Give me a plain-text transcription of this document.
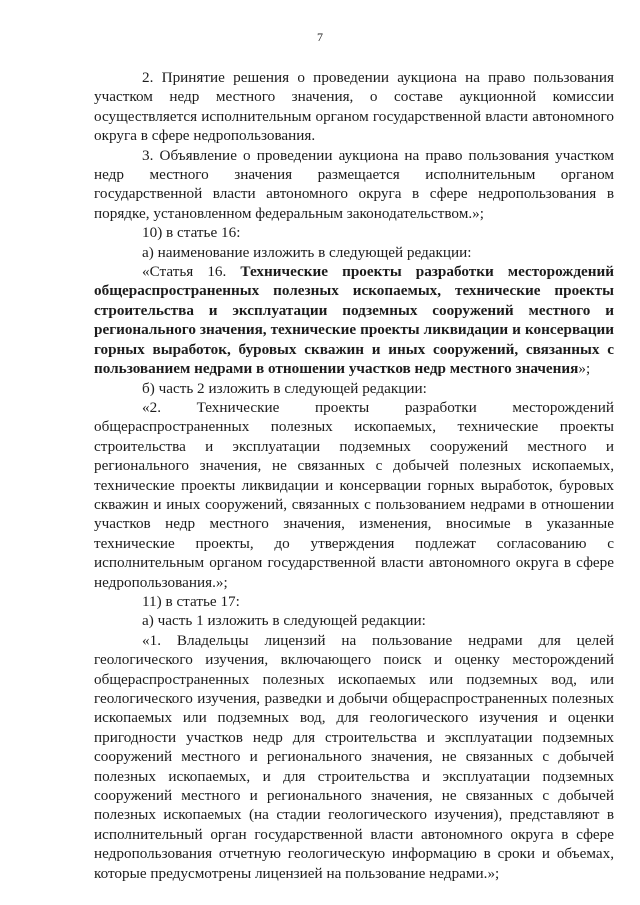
7

2. Принятие решения о проведении аукциона на право пользования участком недр местного значения, о составе аукционной комиссии осуществляется исполнительным органом государственной власти автономного округа в сфере недропользования.

3. Объявление о проведении аукциона на право пользования участком недр местного значения размещается исполнительным органом государственной власти автономного округа в сфере недропользования в порядке, установленном федеральным законодательством.»;

10) в статье 16:

а) наименование изложить в следующей редакции:

«Статья 16. Технические проекты разработки месторождений общераспространенных полезных ископаемых, технические проекты строительства и эксплуатации подземных сооружений местного и регионального значения, технические проекты ликвидации и консервации горных выработок, буровых скважин и иных сооружений, связанных с пользованием недрами в отношении участков недр местного значения»;

б) часть 2 изложить в следующей редакции:

«2. Технические проекты разработки месторождений общераспространенных полезных ископаемых, технические проекты строительства и эксплуатации подземных сооружений местного и регионального значения, не связанных с добычей полезных ископаемых, технические проекты ликвидации и консервации горных выработок, буровых скважин и иных сооружений, связанных с пользованием недрами в отношении участков недр местного значения, изменения, вносимые в указанные технические проекты, до утверждения подлежат согласованию с исполнительным органом государственной власти автономного округа в сфере недропользования.»;

11) в статье 17:

а) часть 1 изложить в следующей редакции:

«1. Владельцы лицензий на пользование недрами для целей геологического изучения, включающего поиск и оценку месторождений общераспространенных полезных ископаемых или подземных вод, или геологического изучения, разведки и добычи общераспространенных полезных ископаемых или подземных вод, для геологического изучения и оценки пригодности участков недр для строительства и эксплуатации подземных сооружений местного и регионального значения, не связанных с добычей полезных ископаемых, и для строительства и эксплуатации подземных сооружений местного и регионального значения, не связанных с добычей полезных ископаемых (на стадии геологического изучения), представляют в исполнительный орган государственной власти автономного округа в сфере недропользования отчетную геологическую информацию в сроки и объемах, которые предусмотрены лицензией на пользование недрами.»;
